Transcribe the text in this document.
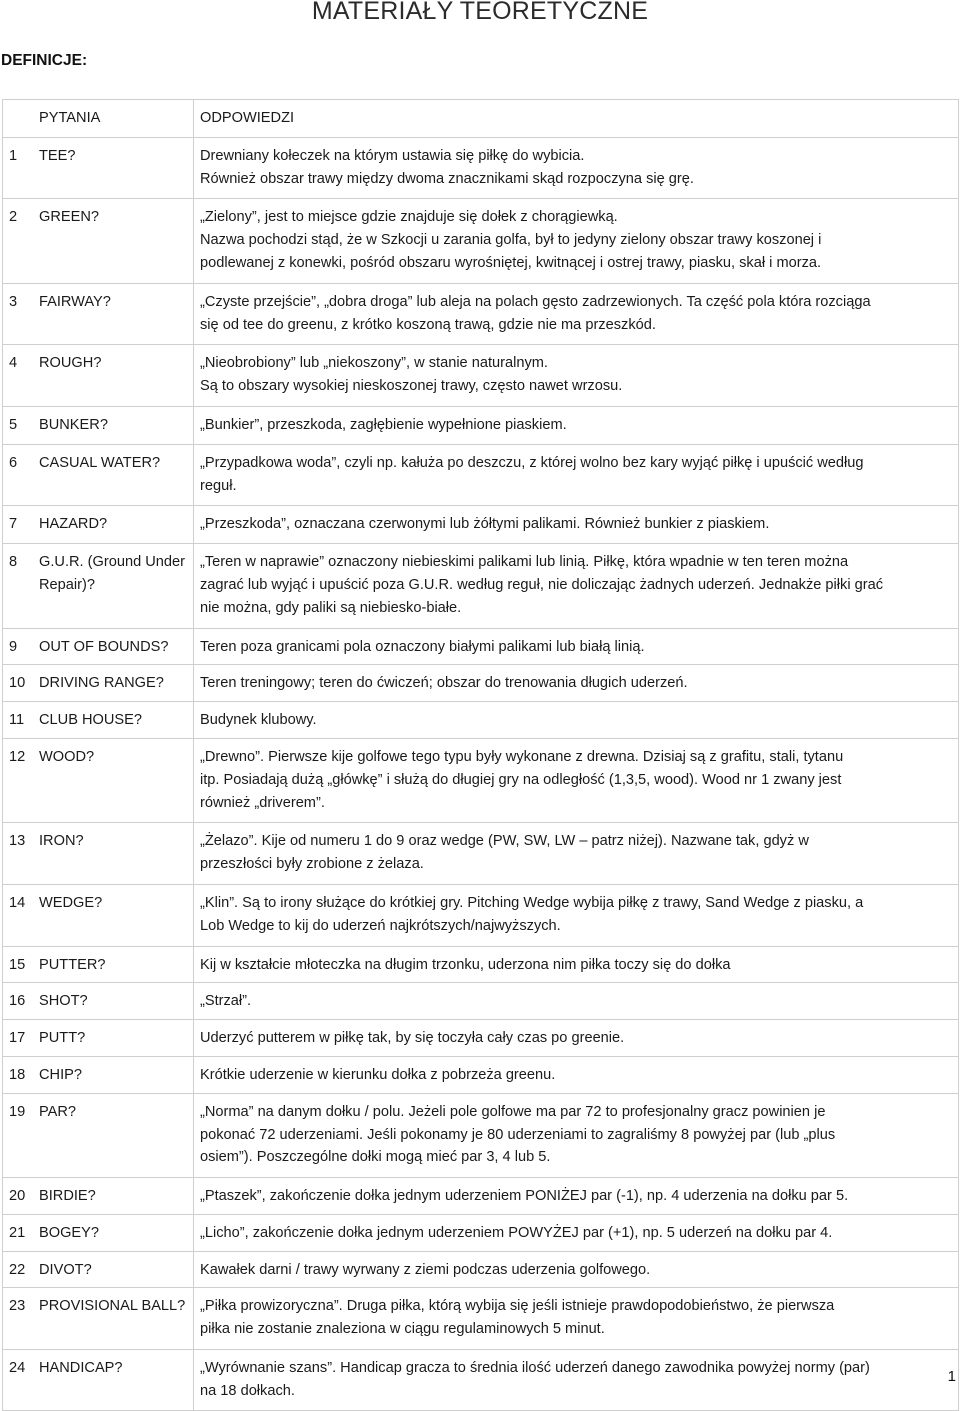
MATERIAŁY TEORETYCZNE
DEFINICJE:
	PYTANIA	ODPOWIEDZI
1	TEE?	Drewniany kołeczek na którym ustawia się piłkę do wybicia.
Również obszar trawy między dwoma znacznikami skąd rozpoczyna się grę.

2	GREEN?	„Zielony”, jest to miejsce gdzie znajduje się dołek z chorągiewką.
Nazwa pochodzi stąd, że w Szkocji u zarania golfa, był to jedyny zielony obszar trawy koszonej i
podlewanej z konewki, pośród obszaru wyrośniętej, kwitnącej i ostrej trawy, piasku, skał i morza.

3	FAIRWAY?	„Czyste przejście”, „dobra droga” lub aleja na polach gęsto zadrzewionych. Ta część pola która rozciąga
się od tee do greenu, z krótko koszoną trawą, gdzie nie ma przeszkód.

4	ROUGH?	„Nieobrobiony” lub „niekoszony”, w stanie naturalnym.
Są to obszary wysokiej nieskoszonej trawy, często nawet wrzosu.

5	BUNKER?	„Bunkier”, przeszkoda, zagłębienie wypełnione piaskiem.

6	CASUAL WATER?	„Przypadkowa woda”, czyli np. kałuża po deszczu, z której wolno bez kary wyjąć piłkę i upuścić według
reguł.

7	HAZARD?	„Przeszkoda”, oznaczana czerwonymi lub żółtymi palikami. Również bunkier z piaskiem.

8	G.U.R. (Ground Under Repair)?	„Teren w naprawie” oznaczony niebieskimi palikami lub linią. Piłkę, która wpadnie w ten teren można
zagrać lub wyjąć i upuścić poza G.U.R. według reguł, nie doliczając żadnych uderzeń. Jednakże piłki grać
nie można, gdy paliki są niebiesko-białe.

9	OUT OF BOUNDS?	Teren poza granicami pola oznaczony białymi palikami lub białą linią.

10	DRIVING RANGE?	Teren treningowy; teren do ćwiczeń; obszar do trenowania długich uderzeń.

11	CLUB HOUSE?	Budynek klubowy.

12	WOOD?	„Drewno”. Pierwsze kije golfowe tego typu były wykonane z drewna. Dzisiaj są z grafitu, stali, tytanu
itp. Posiadają dużą „główkę” i służą do długiej gry na odległość (1,3,5, wood). Wood nr 1 zwany jest
również „driverem”.

13	IRON?	„Żelazo”. Kije od numeru 1 do 9 oraz wedge (PW, SW, LW – patrz niżej). Nazwane tak, gdyż w
przeszłości były zrobione z żelaza.

14	WEDGE?	„Klin”. Są to irony służące do krótkiej gry. Pitching Wedge wybija piłkę z trawy, Sand Wedge z piasku, a
Lob Wedge to kij do uderzeń najkrótszych/najwyższych.

15	PUTTER?	Kij w kształcie młoteczka na długim trzonku, uderzona nim piłka toczy się do dołka

16	SHOT?	„Strzał”.

17	PUTT?	Uderzyć putterem w piłkę tak, by się toczyła cały czas po greenie.

18	CHIP?	Krótkie uderzenie w kierunku dołka z pobrzeża greenu.

19	PAR?	„Norma” na danym dołku / polu. Jeżeli pole golfowe ma par 72 to profesjonalny gracz powinien je
pokonać 72 uderzeniami. Jeśli pokonamy je 80 uderzeniami to zagraliśmy 8 powyżej par (lub „plus
osiem”). Poszczególne dołki mogą mieć par 3, 4 lub 5.

20	BIRDIE?	„Ptaszek”, zakończenie dołka jednym uderzeniem PONIŻEJ par (-1), np. 4 uderzenia na dołku par 5.

21	BOGEY?	„Licho”, zakończenie dołka jednym uderzeniem POWYŻEJ par (+1), np. 5 uderzeń na dołku par 4.

22	DIVOT?	Kawałek darni / trawy wyrwany z ziemi podczas uderzenia golfowego.

23	PROVISIONAL BALL?	„Piłka prowizoryczna”. Druga piłka, którą wybija się jeśli istnieje prawdopodobieństwo, że pierwsza
piłka nie zostanie znaleziona w ciągu regulaminowych 5 minut.

24	HANDICAP?	„Wyrównanie szans”. Handicap gracza to średnia ilość uderzeń danego zawodnika powyżej normy (par)
na 18 dołkach.
1
